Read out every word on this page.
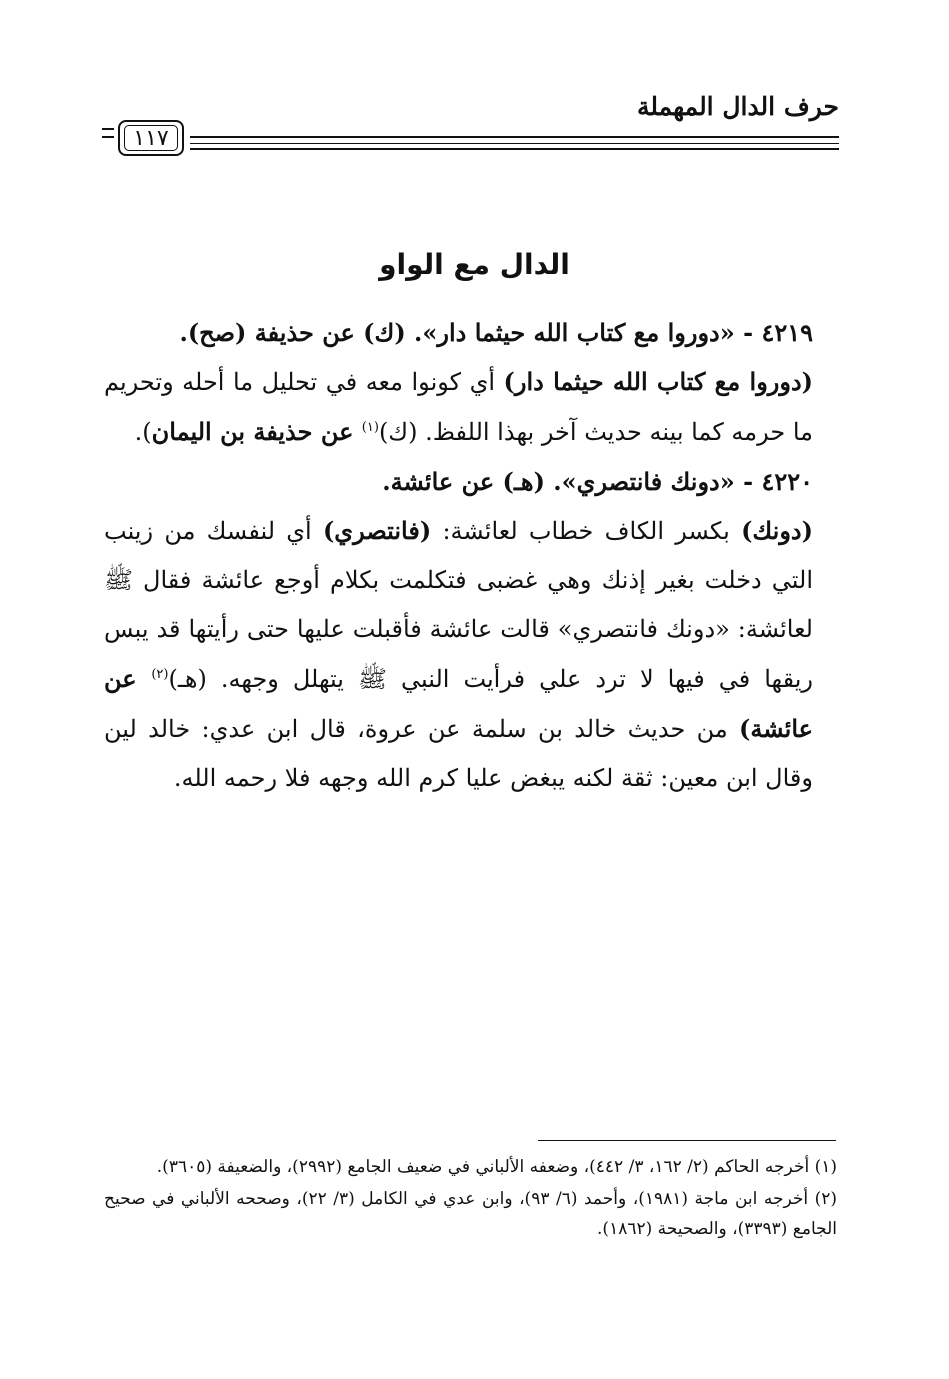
حرف الدال المهملة
١١٧
الدال مع الواو

٤٢١٩ - «دوروا مع كتاب الله حيثما دار». (ك) عن حذيفة (صح).

(دوروا مع كتاب الله حيثما دار) أي كونوا معه في تحليل ما أحله وتحريم ما حرمه كما بينه حديث آخر بهذا اللفظ. (ك)$^{(١)}$ عن حذيفة بن اليمان).

٤٢٢٠ - «دونك فانتصري». (هـ) عن عائشة.

(دونك) بكسر الكاف خطاب لعائشة: (فانتصري) أي لنفسك من زينب التي دخلت بغير إذنك وهي غضبى فتكلمت بكلام أوجع عائشة فقال ﷺ لعائشة: «دونك فانتصري» قالت عائشة فأقبلت عليها حتى رأيتها قد يبس ريقها في فيها لا ترد علي فرأيت النبي ﷺ يتهلل وجهه. (هـ)$^{(٢)}$ عن عائشة) من حديث خالد بن سلمة عن عروة، قال ابن عدي: خالد لين وقال ابن معين: ثقة لكنه يبغض عليا كرم الله وجهه فلا رحمه الله.

(١) أخرجه الحاكم (٢/ ١٦٢، ٣/ ٤٤٢)، وضعفه الألباني في ضعيف الجامع (٢٩٩٢)، والضعيفة (٣٦٠٥).

(٢) أخرجه ابن ماجة (١٩٨١)، وأحمد (٦/ ٩٣)، وابن عدي في الكامل (٣/ ٢٢)، وصححه الألباني في صحيح الجامع (٣٣٩٣)، والصحيحة (١٨٦٢).
